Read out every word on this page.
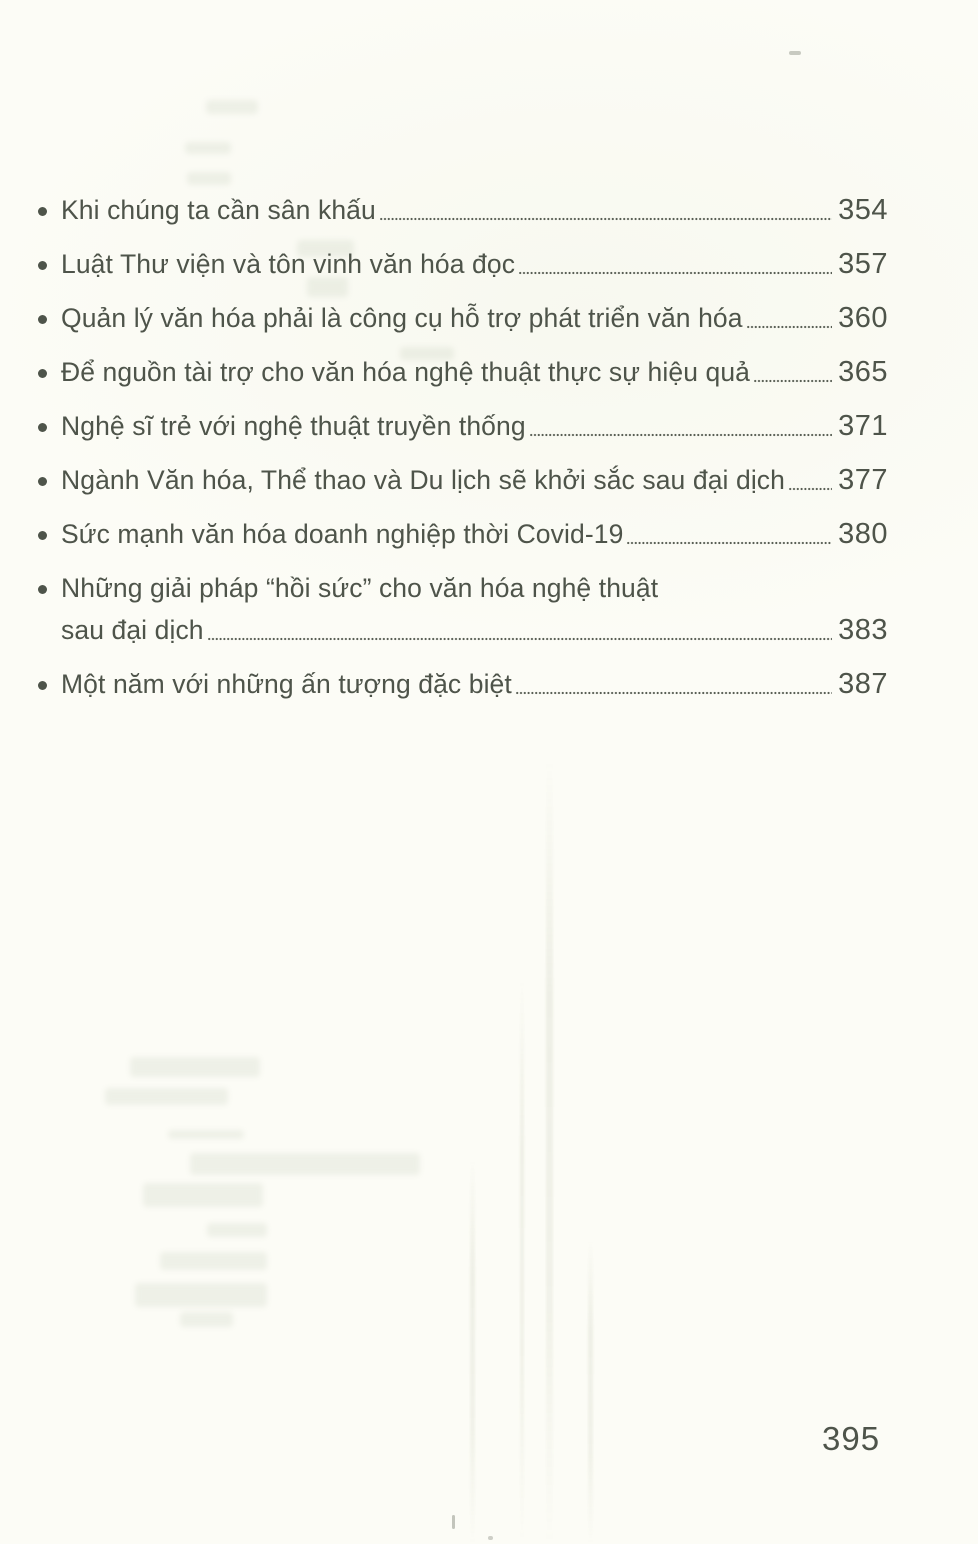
Khi chúng ta cần sân khấu	354
Luật Thư viện và tôn vinh văn hóa đọc	357
Quản lý văn hóa phải là công cụ hỗ trợ phát triển văn hóa	360
Để nguồn tài trợ cho văn hóa nghệ thuật thực sự hiệu quả	365
Nghệ sĩ trẻ với nghệ thuật truyền thống	371
Ngành Văn hóa, Thể thao và Du lịch sẽ khởi sắc sau đại dịch 377
Sức mạnh văn hóa doanh nghiệp thời Covid-19	380
Những giải pháp “hồi sức” cho văn hóa nghệ thuật
sau đại dịch	383
Một năm với những ấn tượng đặc biệt	387
395
